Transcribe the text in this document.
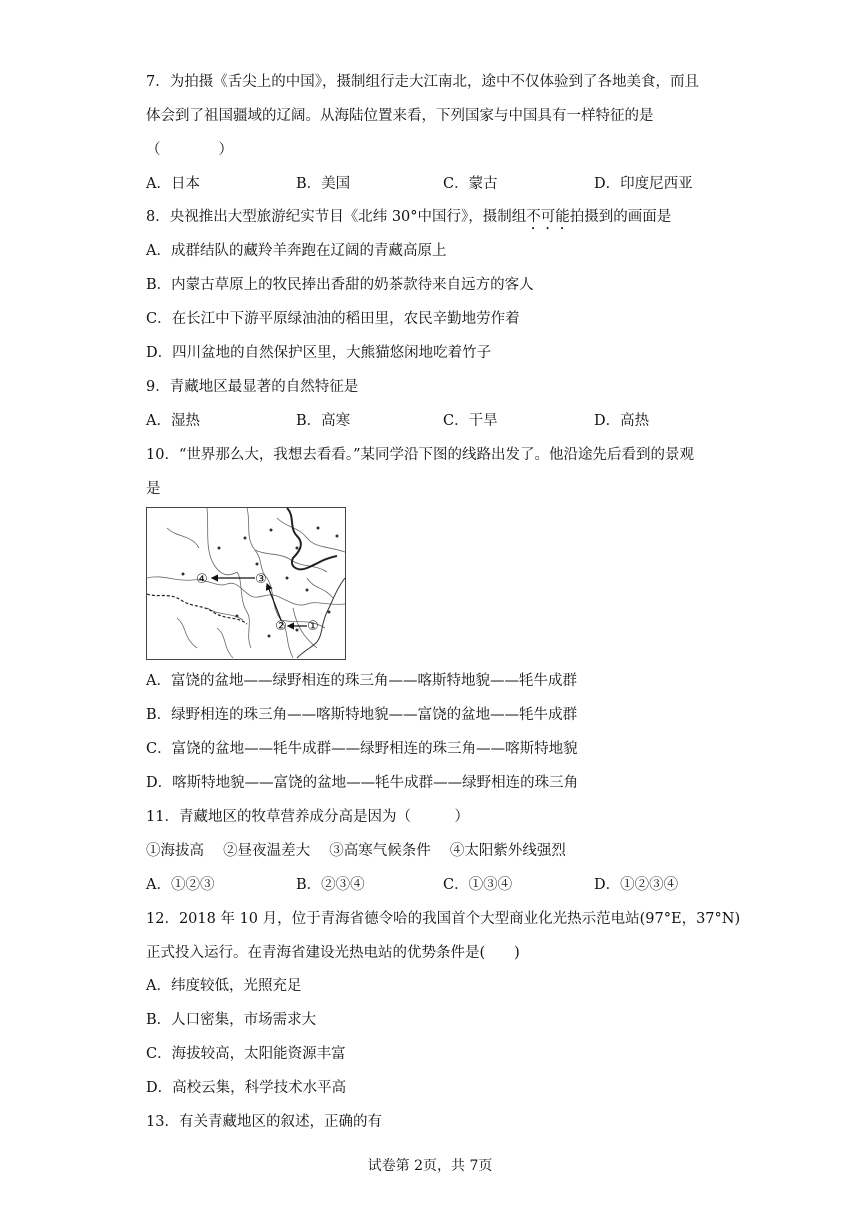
7．为拍摄《舌尖上的中国》，摄制组行走大江南北，途中不仅体验到了各地美食，而且
体会到了祖国疆域的辽阔。从海陆位置来看，下列国家与中国具有一样特征的是
（　　　　）
A．日本	B．美国	C．蒙古	D．印度尼西亚
8．央视推出大型旅游纪实节目《北纬 30°中国行》，摄制组不可能拍摄到的画面是
A．成群结队的藏羚羊奔跑在辽阔的青藏高原上
B．内蒙古草原上的牧民捧出香甜的奶茶款待来自远方的客人
C．在长江中下游平原绿油油的稻田里，农民辛勤地劳作着
D．四川盆地的自然保护区里，大熊猫悠闲地吃着竹子
9．青藏地区最显著的自然特征是
A．湿热	B．高寒	C．干旱	D．高热
10．“世界那么大，我想去看看。”某同学沿下图的线路出发了。他沿途先后看到的景观
是
④	③
② ①
A．富饶的盆地——绿野相连的珠三角——喀斯特地貌——牦牛成群
B．绿野相连的珠三角——喀斯特地貌——富饶的盆地——牦牛成群
C．富饶的盆地——牦牛成群——绿野相连的珠三角——喀斯特地貌
D．喀斯特地貌——富饶的盆地——牦牛成群——绿野相连的珠三角
11．青藏地区的牧草营养成分高是因为（　　　）
①海拔高　 ②昼夜温差大　 ③高寒气候条件　 ④太阳紫外线强烈
A．①②③	B．②③④	C．①③④	D．①②③④
12．2018 年 10 月，位于青海省德令哈的我国首个大型商业化光热示范电站(97°E，37°N)
正式投入运行。在青海省建设光热电站的优势条件是(　　)
A．纬度较低，光照充足
B．人口密集，市场需求大
C．海拔较高，太阳能资源丰富
D．高校云集，科学技术水平高
13．有关青藏地区的叙述，正确的有
试卷第 2页，共 7页
